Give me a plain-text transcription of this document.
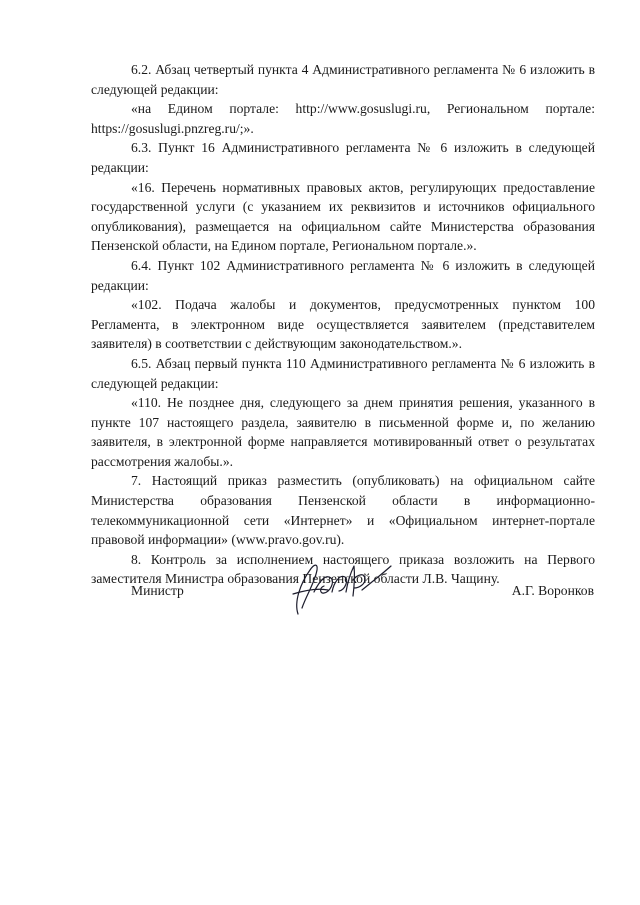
6.2. Абзац четвертый пункта 4 Административного регламента № 6 изложить в следующей редакции:

«на Едином портале: http://www.gosuslugi.ru, Региональном портале: https://gosuslugi.pnzreg.ru/;».

6.3. Пункт 16 Административного регламента № 6 изложить в следующей редакции:

«16. Перечень нормативных правовых актов, регулирующих предоставление государственной услуги (с указанием их реквизитов и источников официального опубликования), размещается на официальном сайте Министерства образования Пензенской области, на Едином портале, Региональном портале.».

6.4. Пункт 102 Административного регламента № 6 изложить в следующей редакции:

«102. Подача жалобы и документов, предусмотренных пунктом 100 Регламента, в электронном виде осуществляется заявителем (представителем заявителя) в соответствии с действующим законодательством.».

6.5. Абзац первый пункта 110 Административного регламента № 6 изложить в следующей редакции:

«110. Не позднее дня, следующего за днем принятия решения, указанного в пункте 107 настоящего раздела, заявителю в письменной форме и, по желанию заявителя, в электронной форме направляется мотивированный ответ о результатах рассмотрения жалобы.».

7. Настоящий приказ разместить (опубликовать) на официальном сайте Министерства образования Пензенской области в информационно-телекоммуникационной сети «Интернет» и «Официальном интернет-портале правовой информации» (www.pravo.gov.ru).

8. Контроль за исполнением настоящего приказа возложить на Первого заместителя Министра образования Пензенской области Л.В. Чащину.

Министр	А.Г. Воронков
